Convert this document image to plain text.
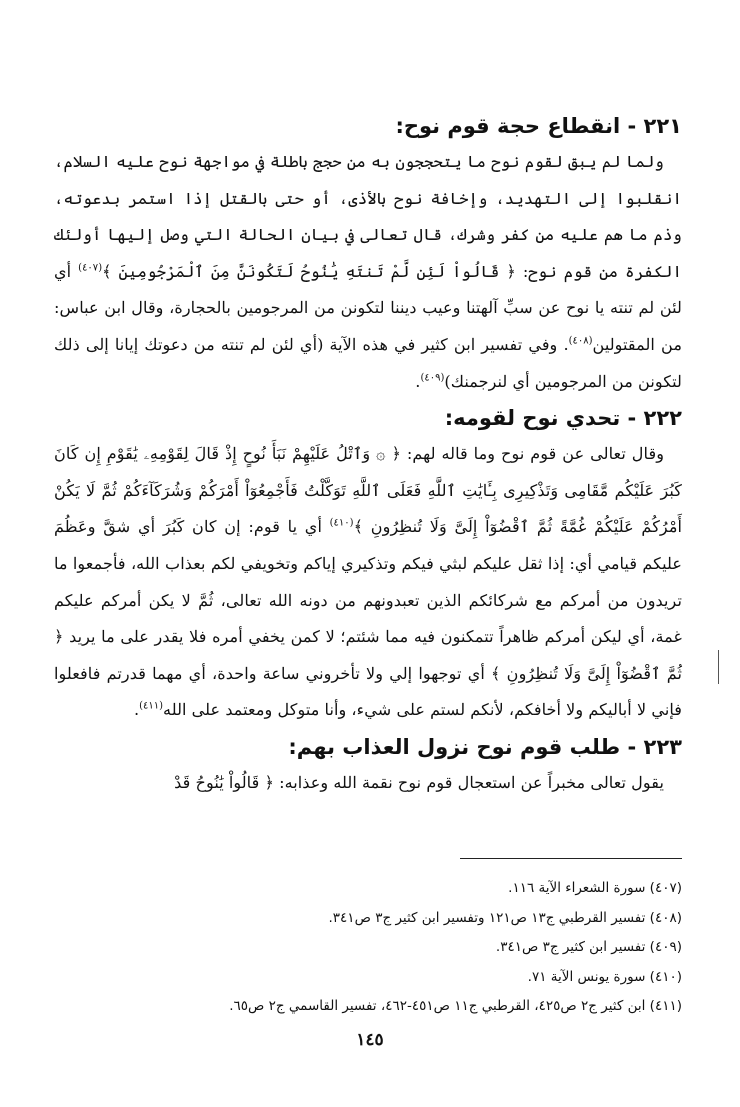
٢٢١ - انقطاع حجة قوم نوح:

ولما لم يبق لقوم نوح ما يتحججون به من حجج باطلة في مواجهة نوح عليه السلام، انقلبوا إلى التهديد، وإخافة نوح بالأذى، أو حتى بالقتل إذا استمر بدعوته، وذم ما هم عليه من كفر وشرك، قال تعالى في بيان الحالة التي وصل إليها أولئك الكفرة من قوم نوح: ﴿ قَالُواْ لَئِن لَّمْ تَنتَهِ يَٰنُوحُ لَتَكُونَنَّ مِنَ ٱلْمَرْجُومِينَ ﴾$^{(٤٠٧)}$ أي لئن لم تنته يا نوح عن سبِّ آلهتنا وعيب ديننا لتكونن من المرجومين بالحجارة، وقال ابن عباس: من المقتولين$^{(٤٠٨)}$. وفي تفسير ابن كثير في هذه الآية (أي لئن لم تنته من دعوتك إيانا إلى ذلك لتكونن من المرجومين أي لنرجمنك)$^{(٤٠٩)}$.

٢٢٢ - تحدي نوح لقومه:

وقال تعالى عن قوم نوح وما قاله لهم: ﴿ ۞ وَٱتْلُ عَلَيْهِمْ نَبَأَ نُوحٍ إِذْ قَالَ لِقَوْمِهِۦ يَٰقَوْمِ إِن كَانَ كَبُرَ عَلَيْكُم مَّقَامِى وَتَذْكِيرِى بِـَٔايَٰتِ ٱللَّهِ فَعَلَى ٱللَّهِ تَوَكَّلْتُ فَأَجْمِعُوٓاْ أَمْرَكُمْ وَشُرَكَآءَكُمْ ثُمَّ لَا يَكُنْ أَمْرُكُمْ عَلَيْكُمْ غُمَّةً ثُمَّ ٱقْضُوٓاْ إِلَىَّ وَلَا تُنظِرُونِ ﴾$^{(٤١٠)}$ أي يا قوم: إن كان كَبُرَ أي شقَّ وعَظُمَ عليكم قيامي أي: إذا ثقل عليكم لبثي فيكم وتذكيري إياكم وتخويفي لكم بعذاب الله، فأجمعوا ما تريدون من أمركم مع شركائكم الذين تعبدونهم من دونه الله تعالى، ثُمَّ لا يكن أمركم عليكم غمة، أي ليكن أمركم ظاهراً تتمكنون فيه مما شئتم؛ لا كمن يخفي أمره فلا يقدر على ما يريد ﴿ ثُمَّ ٱقْضُوٓاْ إِلَىَّ وَلَا تُنظِرُونِ ﴾ أي توجهوا إلي ولا تأخروني ساعة واحدة، أي مهما قدرتم فافعلوا فإني لا أباليكم ولا أخافكم، لأنكم لستم على شيء، وأنا متوكل ومعتمد على الله$^{(٤١١)}$.

٢٢٣ - طلب قوم نوح نزول العذاب بهم:

يقول تعالى مخبراً عن استعجال قوم نوح نقمة الله وعذابه: ﴿ قَالُواْ يَٰنُوحُ قَدْ

(٤٠٧) سورة الشعراء الآية ١١٦.

(٤٠٨) تفسير القرطبي ج١٣ ص١٢١ وتفسير ابن كثير ج٣ ص٣٤١.

(٤٠٩) تفسير ابن كثير ج٣ ص٣٤١.

(٤١٠) سورة يونس الآية ٧١.

(٤١١) ابن كثير ج٢ ص٤٢٥، القرطبي ج١١ ص٤٥١-٤٦٢، تفسير القاسمي ج٢ ص٦٥.

١٤٥
